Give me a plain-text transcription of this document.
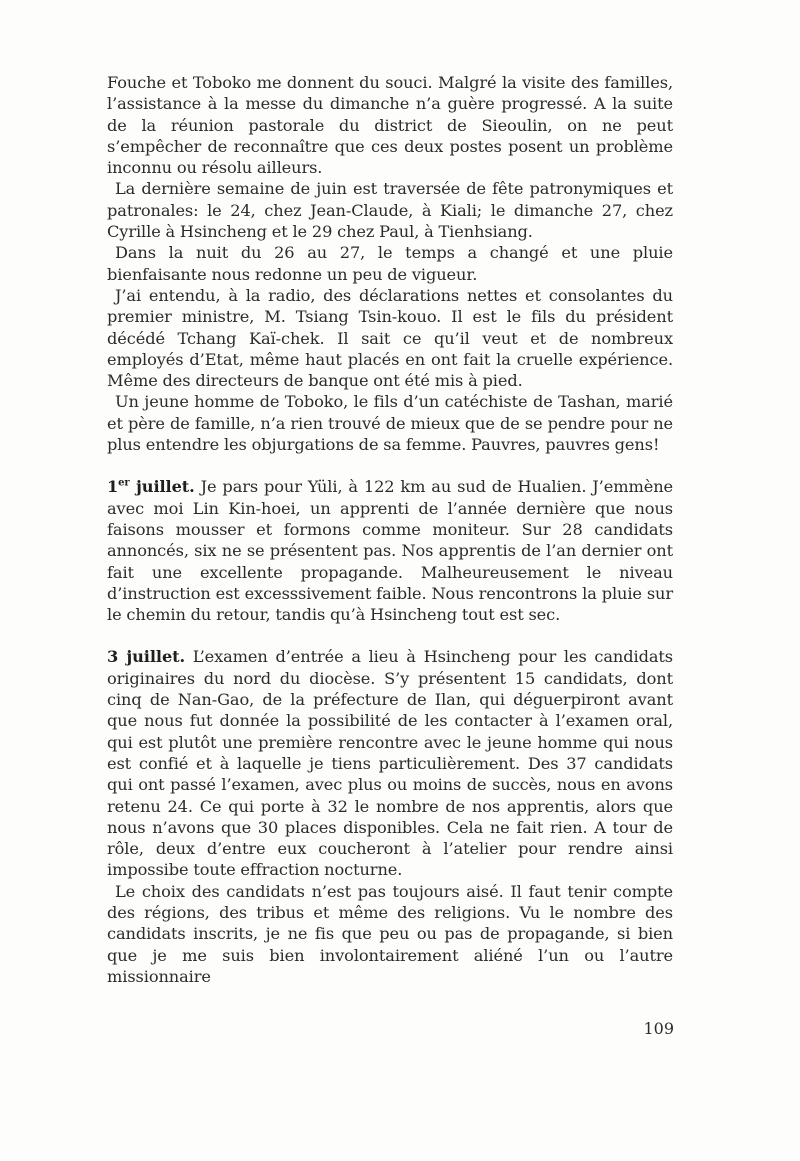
Fouche et Toboko me donnent du souci. Malgré la visite des familles, l’assistance à la messe du dimanche n’a guère progressé. A la suite de la réunion pastorale du district de Sieoulin, on ne peut s’empêcher de reconnaître que ces deux postes posent un problème inconnu ou résolu ailleurs.

La dernière semaine de juin est traversée de fête patronymiques et patronales: le 24, chez Jean-Claude, à Kiali; le dimanche 27, chez Cyrille à Hsincheng et le 29 chez Paul, à Tienhsiang.

Dans la nuit du 26 au 27, le temps a changé et une pluie bienfaisante nous redonne un peu de vigueur.

J’ai entendu, à la radio, des déclarations nettes et consolantes du premier ministre, M. Tsiang Tsin-kouo. Il est le fils du président décédé Tchang Kaï-chek. Il sait ce qu’il veut et de nombreux employés d’Etat, même haut placés en ont fait la cruelle expérience. Même des directeurs de banque ont été mis à pied.

Un jeune homme de Toboko, le fils d’un catéchiste de Tashan, marié et père de famille, n’a rien trouvé de mieux que de se pendre pour ne plus entendre les objurgations de sa femme. Pauvres, pauvres gens!

1er juillet. Je pars pour Yüli, à 122 km au sud de Hualien. J’emmène avec moi Lin Kin-hoei, un apprenti de l’année dernière que nous faisons mousser et formons comme moniteur. Sur 28 candidats annoncés, six ne se présentent pas. Nos apprentis de l’an dernier ont fait une excellente propagande. Malheureusement le niveau d’instruction est excesssivement faible. Nous rencontrons la pluie sur le chemin du retour, tandis qu’à Hsincheng tout est sec.

3 juillet. L’examen d’entrée a lieu à Hsincheng pour les candidats originaires du nord du diocèse. S’y présentent 15 candidats, dont cinq de Nan-Gao, de la préfecture de Ilan, qui déguerpiront avant que nous fut donnée la possibilité de les contacter à l’examen oral, qui est plutôt une première rencontre avec le jeune homme qui nous est confié et à laquelle je tiens particulièrement. Des 37 candidats qui ont passé l’examen, avec plus ou moins de succès, nous en avons retenu 24. Ce qui porte à 32 le nombre de nos apprentis, alors que nous n’avons que 30 places disponibles. Cela ne fait rien. A tour de rôle, deux d’entre eux coucheront à l’atelier pour rendre ainsi impossibe toute effraction nocturne.

Le choix des candidats n’est pas toujours aisé. Il faut tenir compte des régions, des tribus et même des religions. Vu le nombre des candidats inscrits, je ne fis que peu ou pas de propagande, si bien que je me suis bien involontairement aliéné l’un ou l’autre missionnaire

109
